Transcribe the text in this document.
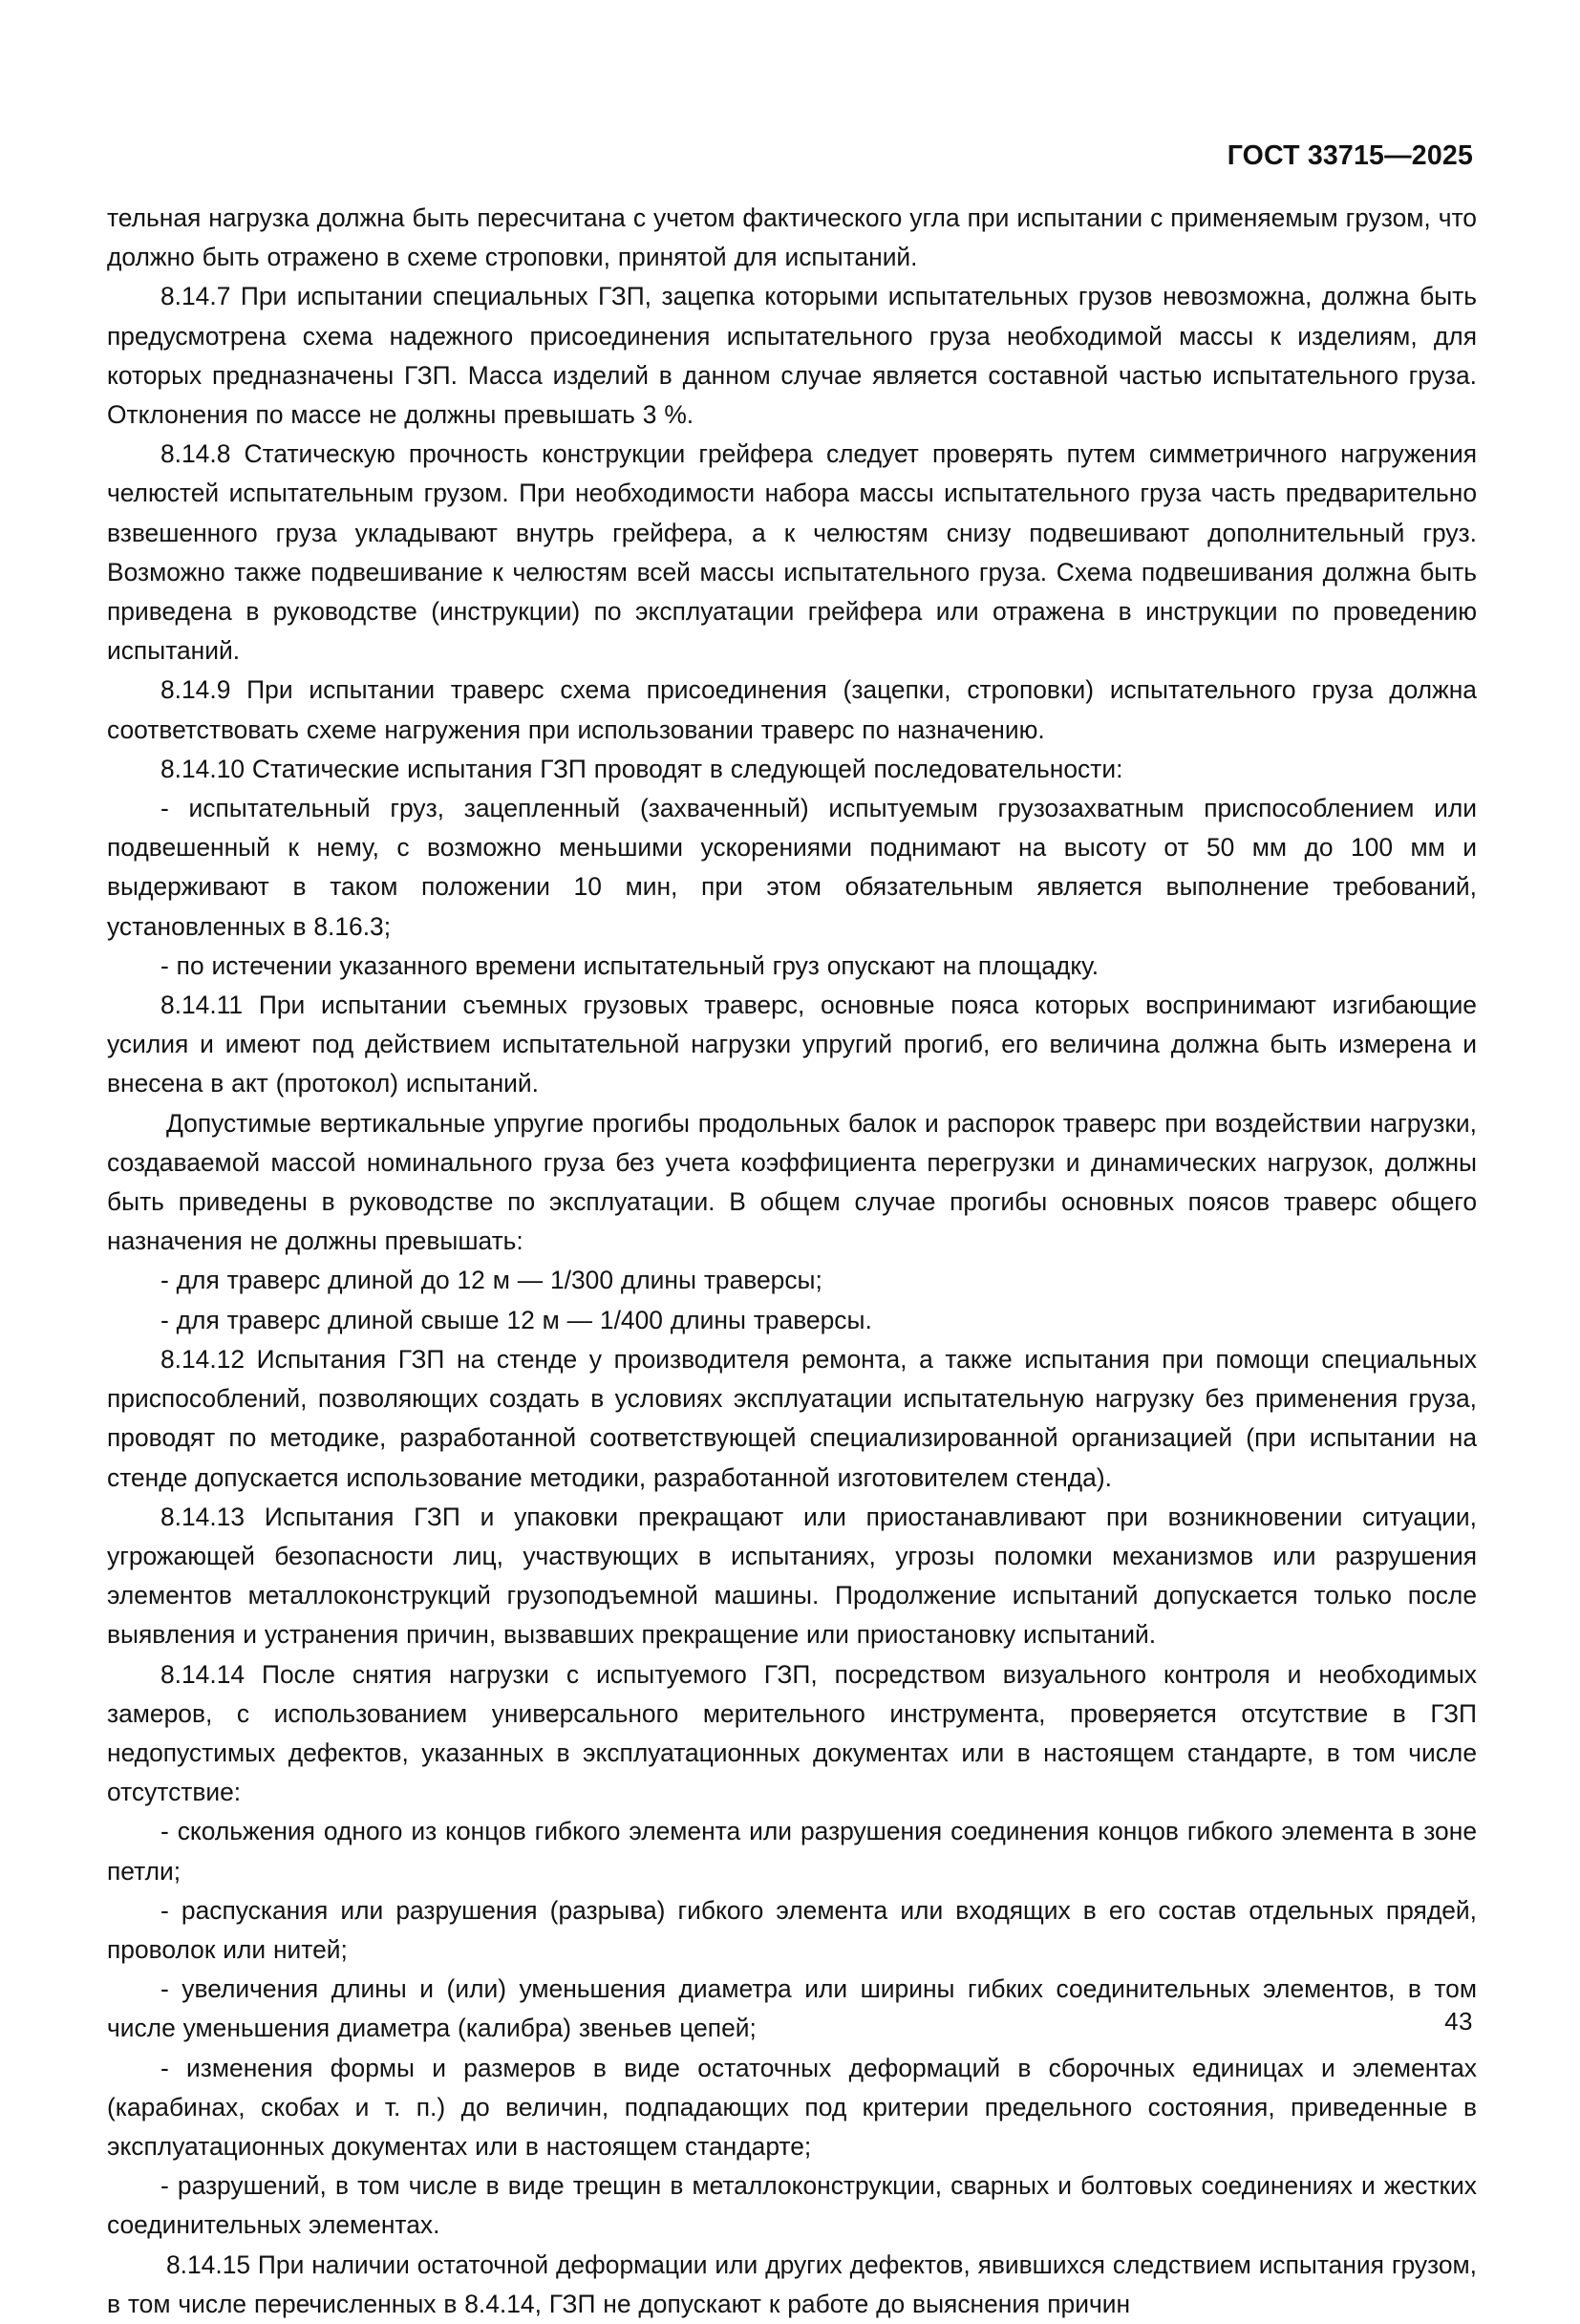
ГОСТ 33715—2025

тельная нагрузка должна быть пересчитана с учетом фактического угла при испытании с применяемым грузом, что должно быть отражено в схеме строповки, принятой для испытаний.

8.14.7 При испытании специальных ГЗП, зацепка которыми испытательных грузов невозможна, должна быть предусмотрена схема надежного присоединения испытательного груза необходимой массы к изделиям, для которых предназначены ГЗП. Масса изделий в данном случае является составной частью испытательного груза. Отклонения по массе не должны превышать 3 %.

8.14.8 Статическую прочность конструкции грейфера следует проверять путем симметричного нагружения челюстей испытательным грузом. При необходимости набора массы испытательного груза часть предварительно взвешенного груза укладывают внутрь грейфера, а к челюстям снизу подвешивают дополнительный груз. Возможно также подвешивание к челюстям всей массы испытательного груза. Схема подвешивания должна быть приведена в руководстве (инструкции) по эксплуатации грейфера или отражена в инструкции по проведению испытаний.

8.14.9 При испытании траверс схема присоединения (зацепки, строповки) испытательного груза должна соответствовать схеме нагружения при использовании траверс по назначению.

8.14.10 Статические испытания ГЗП проводят в следующей последовательности:

- испытательный груз, зацепленный (захваченный) испытуемым грузозахватным приспособлением или подвешенный к нему, с возможно меньшими ускорениями поднимают на высоту от 50 мм до 100 мм и выдерживают в таком положении 10 мин, при этом обязательным является выполнение требований, установленных в 8.16.3;

- по истечении указанного времени испытательный груз опускают на площадку.

8.14.11 При испытании съемных грузовых траверс, основные пояса которых воспринимают изгибающие усилия и имеют под действием испытательной нагрузки упругий прогиб, его величина должна быть измерена и внесена в акт (протокол) испытаний.

Допустимые вертикальные упругие прогибы продольных балок и распорок траверс при воздействии нагрузки, создаваемой массой номинального груза без учета коэффициента перегрузки и динамических нагрузок, должны быть приведены в руководстве по эксплуатации. В общем случае прогибы основных поясов траверс общего назначения не должны превышать:

- для траверс длиной до 12 м — 1/300 длины траверсы;

- для траверс длиной свыше 12 м — 1/400 длины траверсы.

8.14.12 Испытания ГЗП на стенде у производителя ремонта, а также испытания при помощи специальных приспособлений, позволяющих создать в условиях эксплуатации испытательную нагрузку без применения груза, проводят по методике, разработанной соответствующей специализированной организацией (при испытании на стенде допускается использование методики, разработанной изготовителем стенда).

8.14.13 Испытания ГЗП и упаковки прекращают или приостанавливают при возникновении ситуации, угрожающей безопасности лиц, участвующих в испытаниях, угрозы поломки механизмов или разрушения элементов металлоконструкций грузоподъемной машины. Продолжение испытаний допускается только после выявления и устранения причин, вызвавших прекращение или приостановку испытаний.

8.14.14 После снятия нагрузки с испытуемого ГЗП, посредством визуального контроля и необходимых замеров, с использованием универсального мерительного инструмента, проверяется отсутствие в ГЗП недопустимых дефектов, указанных в эксплуатационных документах или в настоящем стандарте, в том числе отсутствие:

- скольжения одного из концов гибкого элемента или разрушения соединения концов гибкого элемента в зоне петли;

- распускания или разрушения (разрыва) гибкого элемента или входящих в его состав отдельных прядей, проволок или нитей;

- увеличения длины и (или) уменьшения диаметра или ширины гибких соединительных элементов, в том числе уменьшения диаметра (калибра) звеньев цепей;

- изменения формы и размеров в виде остаточных деформаций в сборочных единицах и элементах (карабинах, скобах и т. п.) до величин, подпадающих под критерии предельного состояния, приведенные в эксплуатационных документах или в настоящем стандарте;

- разрушений, в том числе в виде трещин в металлоконструкции, сварных и болтовых соединениях и жестких соединительных элементах.

8.14.15 При наличии остаточной деформации или других дефектов, явившихся следствием испытания грузом, в том числе перечисленных в 8.4.14, ГЗП не допускают к работе до выяснения причин

43
